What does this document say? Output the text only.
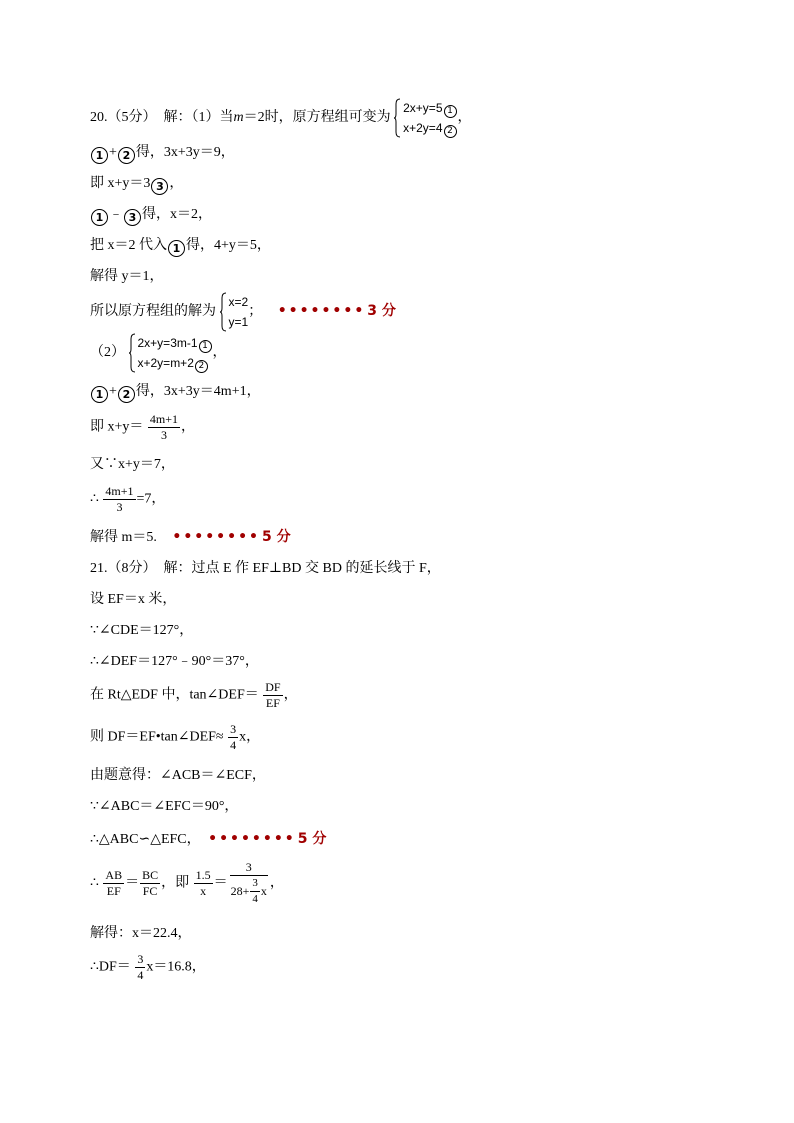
20.（5分）　解：（1）当m＝2时，原方程组可变为
2x+y=5 1
x+2y=4 2
，
1 + 2 得，3x+3y＝9，
即 x+y＝3 3 ，
1 ﹣ 3 得，x＝2，
把 x＝2 代入 1 得，4+y＝5，
解得 y＝1，
所以原方程组的解为
x=2
y=1
； •••••••• 3 分
（2）
2x+y=3m-1 1
x+2y=m+2 2
，
1 + 2 得，3x+3y＝4m+1，
即 $x+y= \frac{4m+1}{3}$ ，
又∵x+y＝7，
∴ $\frac{4m+1}{3} =7$，
解得 m＝5. •••••••• 5 分
21.（8分）　解：过点 E 作 EF⊥BD 交 BD 的延长线于 F，
设 EF＝x 米，
∵∠CDE＝127°，
∴∠DEF＝127°﹣90°＝37°，
在 Rt△EDF 中，tan∠DEF＝ $\frac{DF}{EF}$ ，
则 DF＝EF•tan∠DEF≈ $\frac{3}{4}$ x，
由题意得：∠ACB＝∠ECF，
∵∠ABC＝∠EFC＝90°，
∴△ABC∽△EFC， •••••••• 5 分
∴ $\frac{AB}{EF} = \frac{BC}{FC}$ ，即 $\frac{1.5}{x} = \frac{3}{28+ \frac{3}{4} x}$ ，
解得：x＝22.4，
∴DF＝ $\frac{3}{4} x=16.8$，
